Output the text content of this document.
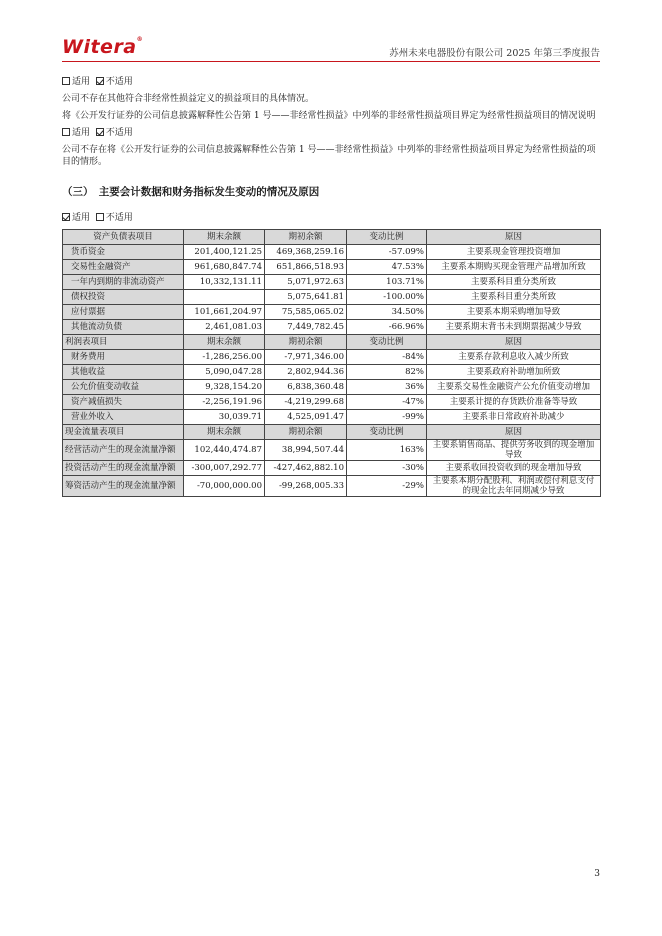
Witera®
苏州未来电器股份有限公司 2025 年第三季度报告
适用 不适用
公司不存在其他符合非经常性损益定义的损益项目的具体情况。
将《公开发行证券的公司信息披露解释性公告第 1 号——非经常性损益》中列举的非经常性损益项目界定为经常性损益项目的情况说明
适用 不适用
公司不存在将《公开发行证券的公司信息披露解释性公告第 1 号——非经常性损益》中列举的非经常性损益项目界定为经常性损益的项目的情形。
（三）　主要会计数据和财务指标发生变动的情况及原因
适用 不适用
资产负债表项目	期末余额	期初余额	变动比例	原因
货币资金	201,400,121.25	469,368,259.16	-57.09%	主要系现金管理投资增加
交易性金融资产	961,680,847.74	651,866,518.93	47.53%	主要系本期购买现金管理产品增加所致
一年内到期的非流动资产	10,332,131.11	5,071,972.63	103.71%	主要系科目重分类所致
债权投资		5,075,641.81	-100.00%	主要系科目重分类所致
应付票据	101,661,204.97	75,585,065.02	34.50%	主要系本期采购增加导致
其他流动负债	2,461,081.03	7,449,782.45	-66.96%	主要系期末背书未到期票据减少导致
利润表项目	期末余额	期初余额	变动比例	原因
财务费用	-1,286,256.00	-7,971,346.00	-84%	主要系存款利息收入减少所致
其他收益	5,090,047.28	2,802,944.36	82%	主要系政府补助增加所致
公允价值变动收益	9,328,154.20	6,838,360.48	36%	主要系交易性金融资产公允价值变动增加
资产减值损失	-2,256,191.96	-4,219,299.68	-47%	主要系计提的存货跌价准备等导致
营业外收入	30,039.71	4,525,091.47	-99%	主要系非日常政府补助减少
现金流量表项目	期末余额	期初余额	变动比例	原因
经营活动产生的现金流量净额	102,440,474.87	38,994,507.44	163%	主要系销售商品、提供劳务收到的现金增加导致
投资活动产生的现金流量净额	-300,007,292.77	-427,462,882.10	-30%	主要系收回投资收到的现金增加导致
筹资活动产生的现金流量净额	-70,000,000.00	-99,268,005.33	-29%	主要系本期分配股利、利润或偿付利息支付的现金比去年同期减少导致
3
